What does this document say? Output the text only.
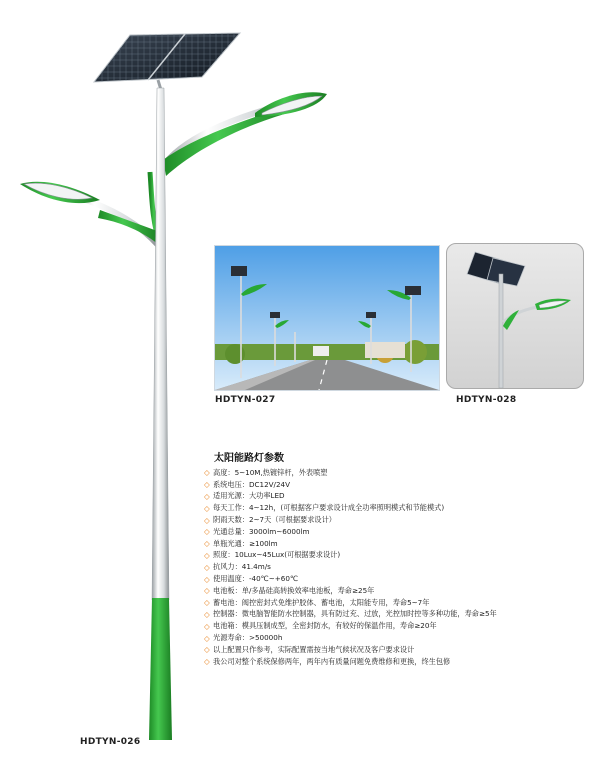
HDTYN-027	HDTYN-028
太阳能路灯参数
◇ 高度：5~10M,热镀锌杆，外表喷塑
◇ 系统电压：DC12V/24V
◇ 适用光源：大功率LED
◇ 每天工作：4~12h，(可根据客户要求设计成全功率照明模式和节能模式)
◇ 阴雨天数：2~7天（可根据要求设计）
◇ 光通总量：3000lm~6000lm
◇ 单瓶光通：≥100lm
◇ 照度：10Lux~45Lux(可根据要求设计)
◇ 抗风力：41.4m/s
◇ 使用温度：-40℃~+60℃
◇ 电池板：单/多晶硅高转换效率电池板，寿命≥25年
◇ 蓄电池：阀控密封式免维护胶体、蓄电池，太阳能专用，寿命5~7年
◇ 控制器：微电脑智能防水控制器，具有防过充、过放，光控加时控等多种功能，寿命≥5年
◇ 电池箱：模具压制成型，全密封防水，有较好的保温作用，寿命≥20年
◇ 光源寿命：>50000h
◇ 以上配置只作参考，实际配置需按当地气候状况及客户要求设计
◇ 我公司对整个系统保修两年，两年内有质量问题免费维修和更换，终生包修
HDTYN-026
